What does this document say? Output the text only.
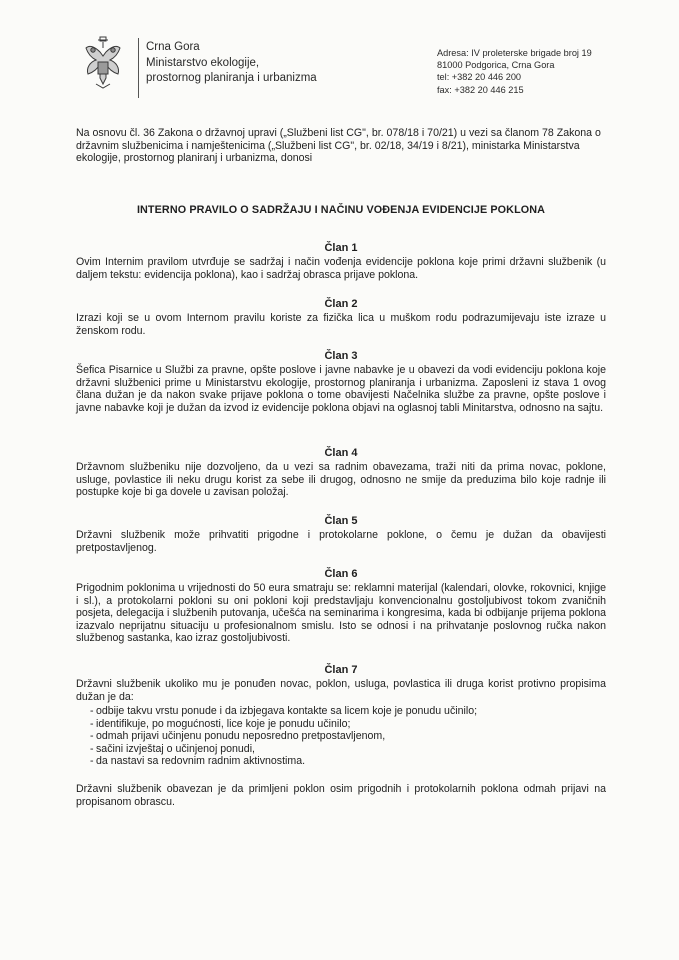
Crna Gora
Ministarstvo ekologije,
prostornog planiranja i urbanizma
Adresa: IV proleterske brigade broj 19
81000 Podgorica, Crna Gora
tel: +382 20 446 200
fax: +382 20 446 215
Na osnovu čl. 36 Zakona o državnoj upravi („Službeni list CG", br. 078/18 i 70/21) u vezi sa članom 78 Zakona o državnim službenicima i namještenicima („Službeni list CG", br. 02/18, 34/19 i 8/21), ministarka Ministarstva ekologije, prostornog planiranj i urbanizma, donosi
INTERNO PRAVILO O SADRŽAJU I NAČINU VOĐENJA EVIDENCIJE POKLONA
Član 1
Ovim Internim pravilom utvrđuje se sadržaj i način vođenja evidencije poklona koje primi državni službenik (u daljem tekstu: evidencija poklona), kao i sadržaj obrasca prijave poklona.
Član 2
Izrazi koji se u ovom Internom pravilu koriste za fizička lica u muškom rodu podrazumijevaju iste izraze u ženskom rodu.
Član 3
Šefica Pisarnice u Službi za pravne, opšte poslove i javne nabavke je u obavezi da vodi evidenciju poklona koje državni službenici prime u Ministarstvu ekologije, prostornog planiranja i urbanizma. Zaposleni iz stava 1 ovog člana dužan je da nakon svake prijave poklona o tome obavijesti Načelnika službe za pravne, opšte poslove i javne nabavke koji je dužan da izvod iz evidencije poklona objavi na oglasnoj tabli Minitarstva, odnosno na sajtu.
Član 4
Državnom službeniku nije dozvoljeno, da u vezi sa radnim obavezama, traži niti da prima novac, poklone, usluge, povlastice ili neku drugu korist za sebe ili drugog, odnosno ne smije da preduzima bilo koje radnje ili postupke koje bi ga dovele u zavisan položaj.
Član 5
Državni službenik može prihvatiti prigodne i protokolarne poklone, o čemu je dužan da obavijesti pretpostavljenog.
Član 6
Prigodnim poklonima u vrijednosti do 50 eura smatraju se: reklamni materijal (kalendari, olovke, rokovnici, knjige i sl.), a protokolarni pokloni su oni pokloni koji predstavljaju konvencionalnu gostoljubivost tokom zvaničnih posjeta, delegacija i službenih putovanja, učešća na seminarima i kongresima, kada bi odbijanje prijema poklona izazvalo neprijatnu situaciju u profesionalnom smislu. Isto se odnosi i na prihvatanje poslovnog ručka nakon službenog sastanka, kao izraz gostoljubivosti.
Član 7
Državni službenik ukoliko mu je ponuđen novac, poklon, usluga, povlastica ili druga korist protivno propisima dužan je da:
- odbije takvu vrstu ponude i da izbjegava kontakte sa licem koje je ponudu učinilo;
- identifikuje, po mogućnosti, lice koje je ponudu učinilo;
- odmah prijavi učinjenu ponudu neposredno pretpostavljenom,
- sačini izvještaj o učinjenoj ponudi,
- da nastavi sa redovnim radnim aktivnostima.
Državni službenik obavezan je da primljeni poklon osim prigodnih i protokolarnih poklona odmah prijavi na propisanom obrascu.
